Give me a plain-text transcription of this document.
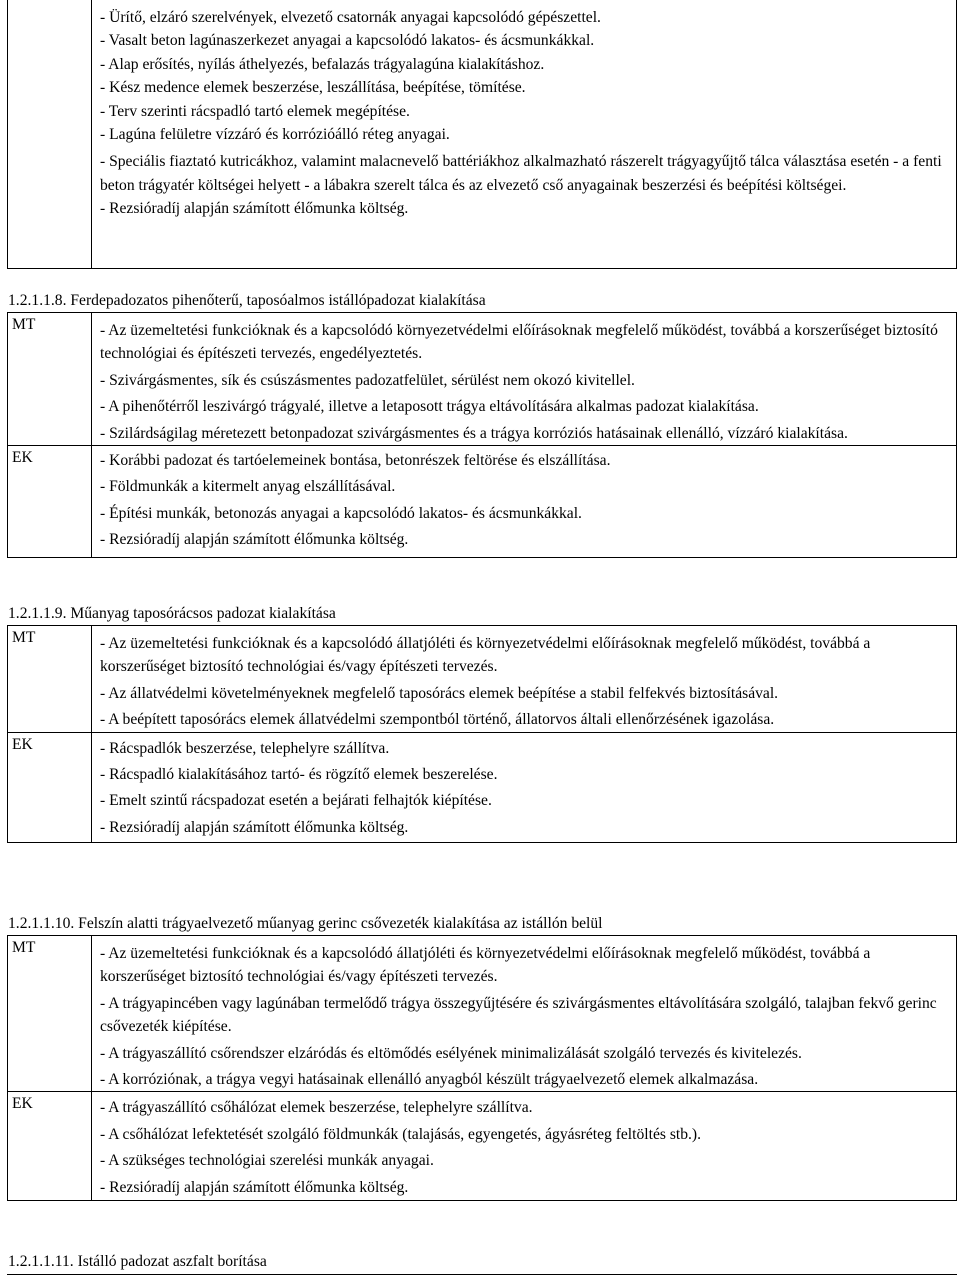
- Ürítő, elzáró szerelvények, elvezető csatornák anyagai kapcsolódó gépészettel.
- Vasalt beton lagúnaszerkezet anyagai a kapcsolódó lakatos- és ácsmunkákkal.
- Alap erősítés, nyílás áthelyezés, befalazás trágyalagúna kialakításhoz.
- Kész medence elemek beszerzése, leszállítása, beépítése, tömítése.
- Terv szerinti rácspadló tartó elemek megépítése.
- Lagúna felületre vízzáró és korrózióálló réteg anyagai.
- Speciális fiaztató kutricákhoz, valamint malacnevelő battériákhoz alkalmazható rászerelt trágyagyűjtő tálca választása esetén - a fenti beton trágyatér költségei helyett - a lábakra szerelt tálca és az elvezető cső anyagainak beszerzési és beépítési költségei.
- Rezsióradíj alapján számított élőmunka költség.
1.2.1.1.8. Ferdepadozatos pihenőterű, taposóalmos istállópadozat kialakítása
MT	- Az üzemeltetési funkcióknak és a kapcsolódó környezetvédelmi előírásoknak megfelelő működést, továbbá a korszerűséget biztosító technológiai és építészeti tervezés, engedélyeztetés.
- Szivárgásmentes, sík és csúszásmentes padozatfelület, sérülést nem okozó kivitellel.
- A pihenőtérről leszivárgó trágyalé, illetve a letaposott trágya eltávolítására alkalmas padozat kialakítása.
- Szilárdságilag méretezett betonpadozat szivárgásmentes és a trágya korróziós hatásainak ellenálló, vízzáró kialakítása.

EK	- Korábbi padozat és tartóelemeinek bontása, betonrészek feltörése és elszállítása.
- Földmunkák a kitermelt anyag elszállításával.
- Építési munkák, betonozás anyagai a kapcsolódó lakatos- és ácsmunkákkal.
- Rezsióradíj alapján számított élőmunka költség.
1.2.1.1.9. Műanyag taposórácsos padozat kialakítása
MT	- Az üzemeltetési funkcióknak és a kapcsolódó állatjóléti és környezetvédelmi előírásoknak megfelelő működést, továbbá a korszerűséget biztosító technológiai és/vagy építészeti tervezés.
- Az állatvédelmi követelményeknek megfelelő taposórács elemek beépítése a stabil felfekvés biztosításával.
- A beépített taposórács elemek állatvédelmi szempontból történő, állatorvos általi ellenőrzésének igazolása.

EK	- Rácspadlók beszerzése, telephelyre szállítva.
- Rácspadló kialakításához tartó- és rögzítő elemek beszerelése.
- Emelt szintű rácspadozat esetén a bejárati felhajtók kiépítése.
- Rezsióradíj alapján számított élőmunka költség.
1.2.1.1.10. Felszín alatti trágyaelvezető műanyag gerinc csővezeték kialakítása az istállón belül
MT	- Az üzemeltetési funkcióknak és a kapcsolódó állatjóléti és környezetvédelmi előírásoknak megfelelő működést, továbbá a korszerűséget biztosító technológiai és/vagy építészeti tervezés.
- A trágyapincében vagy lagúnában termelődő trágya összegyűjtésére és szivárgásmentes eltávolítására szolgáló, talajban fekvő gerinc csővezeték kiépítése.
- A trágyaszállító csőrendszer elzáródás és eltömődés esélyének minimalizálását szolgáló tervezés és kivitelezés.
- A korróziónak, a trágya vegyi hatásainak ellenálló anyagból készült trágyaelvezető elemek alkalmazása.

EK	- A trágyaszállító csőhálózat elemek beszerzése, telephelyre szállítva.
- A csőhálózat lefektetését szolgáló földmunkák (talajásás, egyengetés, ágyásréteg feltöltés stb.).
- A szükséges technológiai szerelési munkák anyagai.
- Rezsióradíj alapján számított élőmunka költség.
1.2.1.1.11. Istálló padozat aszfalt borítása
